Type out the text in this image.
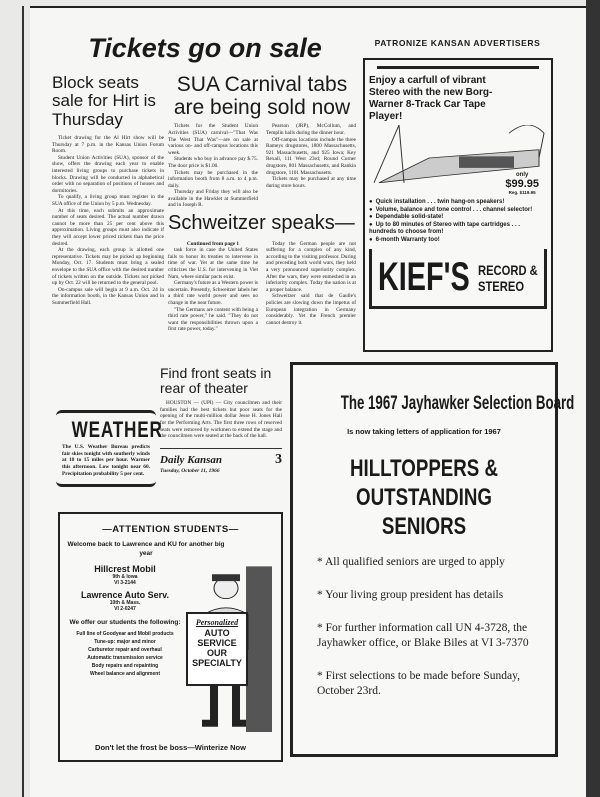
Tickets go on sale	PATRONIZE KANSAN ADVERTISERS
Block seats sale for Hirt is Thursday

Ticket drawing for the Al Hirt show will be Thursday at 7 p.m. in the Kansas Union Forum Room.

Student Union Activities (SUA), sponsor of the show, offers the drawing each year to enable interested living groups to purchase tickets in blocks. Drawing will be conducted in alphabetical order with no separation of positions of houses and dormitories.

To qualify, a living group must register in the SUA office of the Union by 5 p.m. Wednesday.

At this time, each submits an approximate number of seats desired. The actual number drawn cannot be more than 25 per cent above this approximation. Living groups must also indicate if they will accept lower priced tickets than the price desired.

At the drawing, each group is allotted one representative. Tickets may be picked up beginning Monday, Oct. 17. Students must bring a sealed envelope to the SUA office with the desired number of tickets written on the outside. Tickets not picked up by Oct. 22 will be returned to the general pool.

On-campus sale will begin at 9 a.m. Oct. 24 in the information booth, in the Kansas Union and in Summerfield Hall.

SUA Carnival tabs are being sold now

Tickets for the Student Union Activities (SUA) carnival—"That Was The West That Was"—are on sale at various on- and off-campus locations this week.

Students who buy in advance pay $.75. The door price is $1.00.

Tickets may be purchased in the information booth from 8 a.m. to 4 p.m. daily.

Thursday and Friday they will also be available in the Hawklet at Summerfield and in Joseph R.

Pearson (JRP), McCollum, and Templin halls during the dinner hour.

Off-campus locations include the three Rameys drugstores, 1800 Massachusetts, 921 Massachusetts, and 925 Iowa; Key Rexall, 111 West 23rd; Round Corner drugstore, 801 Massachusetts, and Rankin drugstore, 1101 Massachusetts.

Tickets may be purchased at any time during store hours.

Schweitzer speaks—
Continued from page 1

task force in case the United States fails to honor its treaties to intervene in time of war. Yet at the same time he criticizes the U.S. for intervening in Viet Nam, where similar pacts exist.

Germany's future as a Western power is uncertain. Presently, Schweitzer labels her a third rate world power and sees no change in the near future.

"The Germans are content with being a third rate power," he said. "They do not want the responsibilities thrown upon a first rate power, today."

Today the German people are not suffering for a complex of any kind, according to the visiting professor. During and preceding both world wars, they held a very pronounced superiority complex. After the wars, they were enmeshed in an inferiority complex. Today the nation is at a proper balance.

Schweitzer said that de Gaulle's policies are slowing down the impetus of European integration in Germany considerably. Yet the French premier cannot destroy it.

Find front seats in rear of theater
HOUSTON — (UPI) — City councilmen and their families had the best tickets but poor seats for the opening of the multi-million dollar Jesse H. Jones Hall for the Performing Arts. The first three rows of reserved seats were removed by workmen to extend the stage and the councilmen were seated at the back of the hall.
Daily Kansan	3
Tuesday, October 11, 1966
WEATHER
The U.S. Weather Bureau predicts fair skies tonight with southerly winds at 10 to 15 miles per hour. Warmer this afternoon. Low tonight near 60. Precipitation probability 5 per cent.
Enjoy a carfull of vibrant Stereo with the new Borg-Warner 8-Track Car Tape Player!
only
$99.95
Reg. $119.95
● Quick installation . . . twin hang-on speakers!
● Volume, balance and tone control . . . channel selector!
● Dependable solid-state!
● Up to 80 minutes of Stereo with tape cartridges . . . hundreds to choose from!
● 6-month Warranty too!
KIEF'S RECORD &
STEREO
—ATTENTION STUDENTS—
Welcome back to Lawrence and KU for another big year
Hillcrest Mobil
9th & Iowa
VI 3-2144
Lawrence Auto Serv.
10th & Mass.
VI 2-0247
We offer our students the following:
Full line of Goodyear and Mobil products
Tune-up: major and minor
Carburetor repair and overhaul
Automatic transmission service
Body repairs and repainting
Wheel balance and alignment
Don't let the frost be boss—Winterize Now
Personalized
AUTO
SERVICE
OUR
SPECIALTY
The 1967 Jayhawker Selection Board
Is now taking letters of application for 1967
HILLTOPPERS & OUTSTANDING SENIORS
* All qualified seniors are urged to apply
* Your living group president has details
* For further information call UN 4-3728, the Jayhawker office, or Blake Biles at VI 3-7370
* First selections to be made before Sunday, October 23rd.
